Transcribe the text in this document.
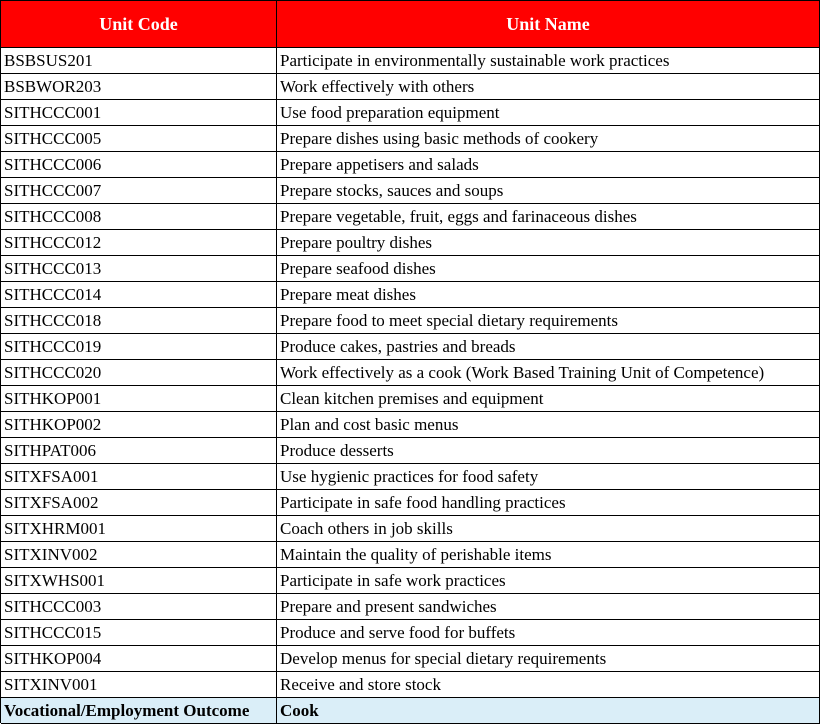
Unit Code	Unit Name
BSBSUS201	Participate in environmentally sustainable work practices
BSBWOR203	Work effectively with others
SITHCCC001	Use food preparation equipment
SITHCCC005	Prepare dishes using basic methods of cookery
SITHCCC006	Prepare appetisers and salads
SITHCCC007	Prepare stocks, sauces and soups
SITHCCC008	Prepare vegetable, fruit, eggs and farinaceous dishes
SITHCCC012	Prepare poultry dishes
SITHCCC013	Prepare seafood dishes
SITHCCC014	Prepare meat dishes
SITHCCC018	Prepare food to meet special dietary requirements
SITHCCC019	Produce cakes, pastries and breads
SITHCCC020	Work effectively as a cook (Work Based Training Unit of Competence)
SITHKOP001	Clean kitchen premises and equipment
SITHKOP002	Plan and cost basic menus
SITHPAT006	Produce desserts
SITXFSA001	Use hygienic practices for food safety
SITXFSA002	Participate in safe food handling practices
SITXHRM001	Coach others in job skills
SITXINV002	Maintain the quality of perishable items
SITXWHS001	Participate in safe work practices
SITHCCC003	Prepare and present sandwiches
SITHCCC015	Produce and serve food for buffets
SITHKOP004	Develop menus for special dietary requirements
SITXINV001	Receive and store stock
Vocational/Employment Outcome	Cook
